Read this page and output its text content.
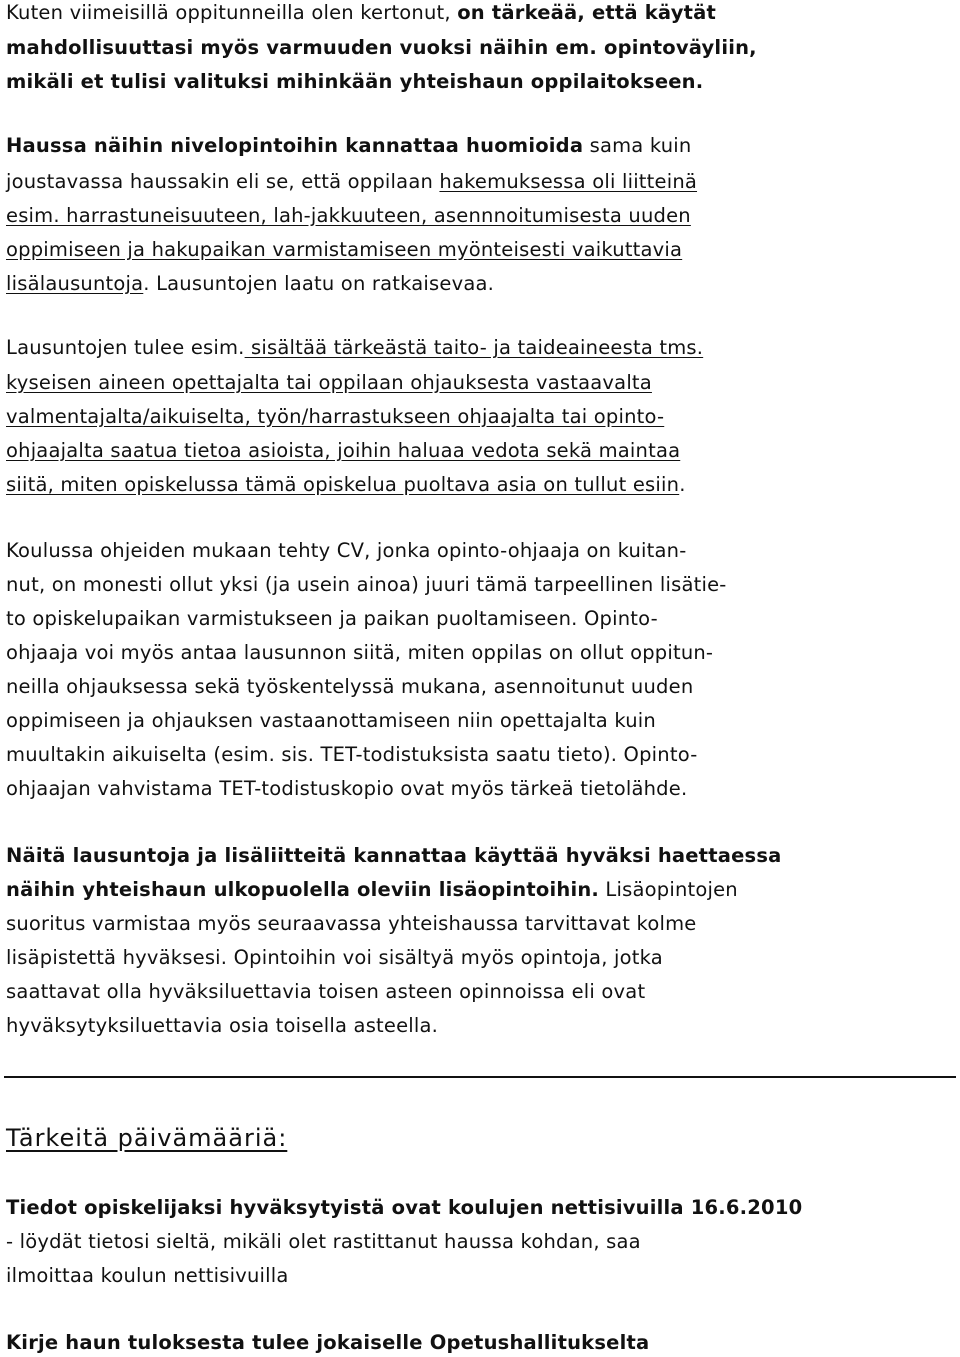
Kuten viimeisillä oppitunneilla olen kertonut, on tärkeää, että käytät
mahdollisuuttasi myös varmuuden vuoksi näihin em. opintoväyliin,
mikäli et tulisi valituksi mihinkään yhteishaun oppilaitokseen.
Haussa näihin nivelopintoihin kannattaa huomioida sama kuin
joustavassa haussakin eli se, että oppilaan hakemuksessa oli liitteinä
esim. harrastuneisuuteen, lah-jakkuuteen, asennnoitumisesta uuden
oppimiseen ja hakupaikan varmistamiseen myönteisesti vaikuttavia
lisälausuntoja. Lausuntojen laatu on ratkaisevaa.
Lausuntojen tulee esim. sisältää tärkeästä taito- ja taideaineesta tms.
kyseisen aineen opettajalta tai oppilaan ohjauksesta vastaavalta
valmentajalta/aikuiselta, työn/harrastukseen ohjaajalta tai opinto-
ohjaajalta saatua tietoa asioista, joihin haluaa vedota sekä maintaa
siitä, miten opiskelussa tämä opiskelua puoltava asia on tullut esiin.
Koulussa ohjeiden mukaan tehty CV, jonka opinto-ohjaaja on kuitan-
nut, on monesti ollut yksi (ja usein ainoa) juuri tämä tarpeellinen lisätie-
to opiskelupaikan varmistukseen ja paikan puoltamiseen. Opinto-
ohjaaja voi myös antaa lausunnon siitä, miten oppilas on ollut oppitun-
neilla ohjauksessa sekä työskentelyssä mukana, asennoitunut uuden
oppimiseen ja ohjauksen vastaanottamiseen niin opettajalta kuin
muultakin aikuiselta (esim. sis. TET-todistuksista saatu tieto). Opinto-
ohjaajan vahvistama TET-todistuskopio ovat myös tärkeä tietolähde.
Näitä lausuntoja ja lisäliitteitä kannattaa käyttää hyväksi haettaessa
näihin yhteishaun ulkopuolella oleviin lisäopintoihin. Lisäopintojen
suoritus varmistaa myös seuraavassa yhteishaussa tarvittavat kolme
lisäpistettä hyväksesi. Opintoihin voi sisältyä myös opintoja, jotka
saattavat olla hyväksiluettavia toisen asteen opinnoissa eli ovat
hyväksytyksiluettavia osia toisella asteella.
Tärkeitä päivämääriä:
Tiedot opiskelijaksi hyväksytyistä ovat koulujen nettisivuilla 16.6.2010
- löydät tietosi sieltä, mikäli olet rastittanut haussa kohdan, saa
ilmoittaa koulun nettisivuilla
Kirje haun tuloksesta tulee jokaiselle Opetushallitukselta
